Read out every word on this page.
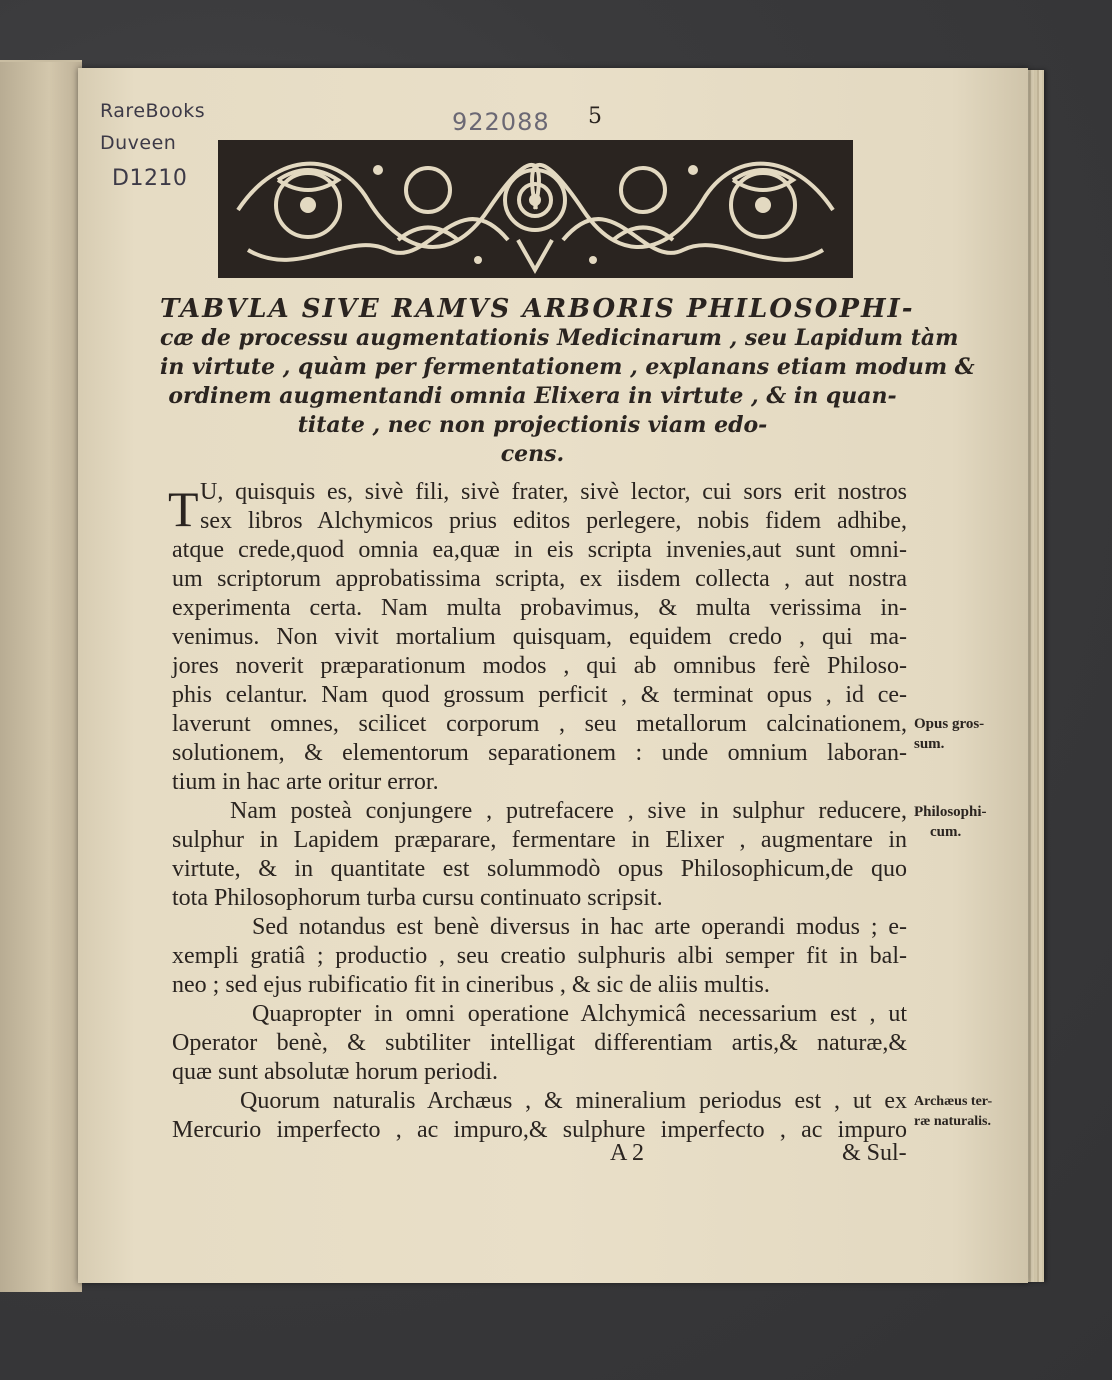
RareBooks
Duveen
D1210
922088 5
TABVLA SIVE RAMVS ARBORIS PHILOSOPHI-
cæ de processu augmentationis Medicinarum , seu Lapidum tàm
in virtute , quàm per fermentationem , explanans etiam modum &
ordinem augmentandi omnia Elixera in virtute , & in quan-
titate , nec non projectionis viam edo-
cens.
T U, quisquis es, sivè fili, sivè frater, sivè lector, cui sors erit nostros
sex libros Alchymicos prius editos perlegere, nobis fidem adhibe,
atque crede,quod omnia ea,quæ in eis scripta invenies,aut sunt omni-
um scriptorum approbatissima scripta, ex iisdem collecta , aut nostra
experimenta certa. Nam multa probavimus, & multa verissima in-
venimus. Non vivit mortalium quisquam, equidem credo , qui ma-
jores noverit præparationum modos , qui ab omnibus ferè Philoso-
phis celantur. Nam quod grossum perficit , & terminat opus , id ce-
laverunt omnes, scilicet corporum , seu metallorum calcinationem,
solutionem, & elementorum separationem : unde omnium laboran-
tium in hac arte oritur error.
Nam posteà conjungere , putrefacere , sive in sulphur reducere,
sulphur in Lapidem præparare, fermentare in Elixer , augmentare in
virtute, & in quantitate est solummodò opus Philosophicum,de quo
tota Philosophorum turba cursu continuato scripsit.
Sed notandus est benè diversus in hac arte operandi modus ; e-
xempli gratiâ ; productio , seu creatio sulphuris albi semper fit in bal-
neo ; sed ejus rubificatio fit in cineribus , & sic de aliis multis.
Quapropter in omni operatione Alchymicâ necessarium est , ut
Operator benè, & subtiliter intelligat differentiam artis,& naturæ,&
quæ sunt absolutæ horum periodi.
Quorum naturalis Archæus , & mineralium periodus est , ut ex
Mercurio imperfecto , ac impuro,& sulphure imperfecto , ac impuro
Opus gros-
sum.
Philosophi-
cum.
Archæus ter-
ræ naturalis.
A 2	& Sul-
